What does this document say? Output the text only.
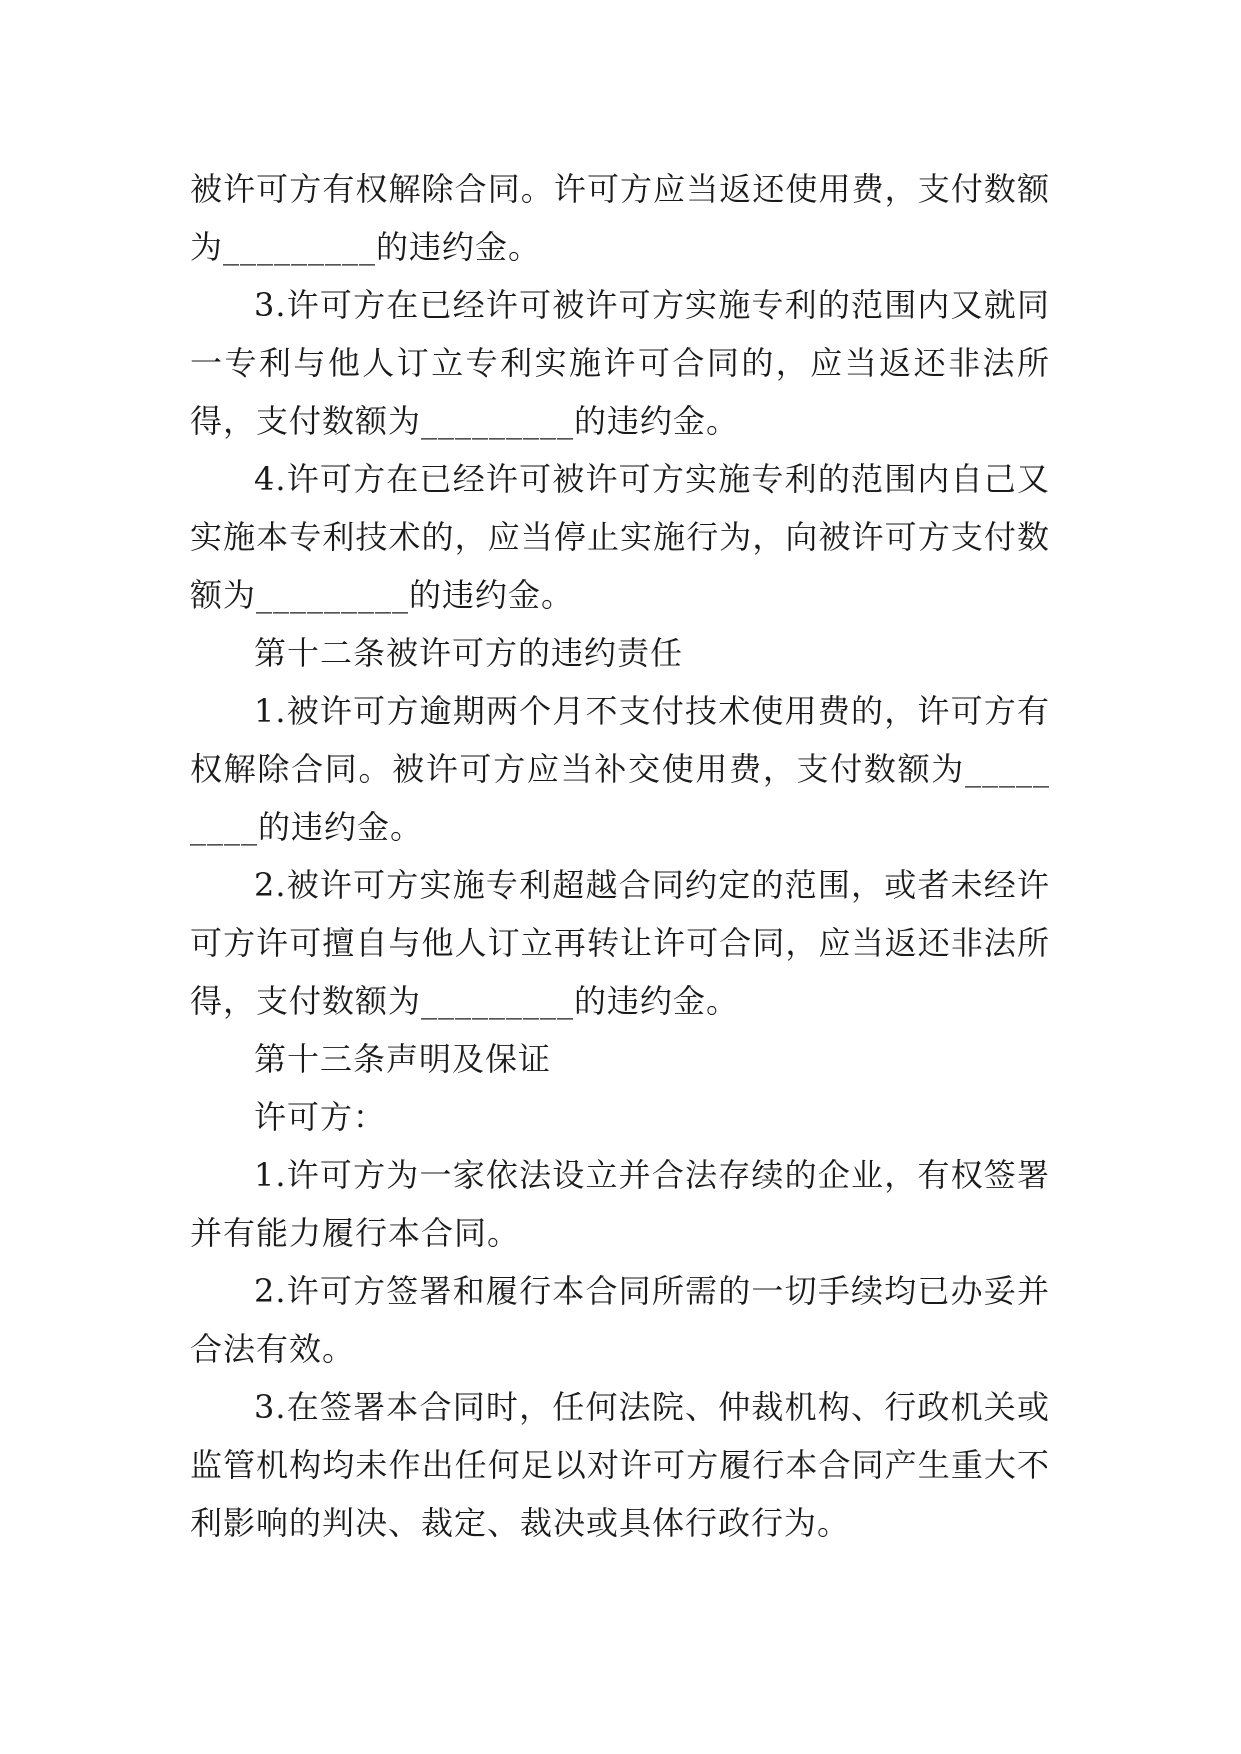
被许可方有权解除合同。许可方应当返还使用费，支付数额为_________的违约金。

3.许可方在已经许可被许可方实施专利的范围内又就同一专利与他人订立专利实施许可合同的，应当返还非法所得，支付数额为_________的违约金。

4.许可方在已经许可被许可方实施专利的范围内自己又实施本专利技术的，应当停止实施行为，向被许可方支付数额为_________的违约金。

第十二条被许可方的违约责任

1.被许可方逾期两个月不支付技术使用费的，许可方有权解除合同。被许可方应当补交使用费，支付数额为_________的违约金。

2.被许可方实施专利超越合同约定的范围，或者未经许可方许可擅自与他人订立再转让许可合同，应当返还非法所得，支付数额为_________的违约金。

第十三条声明及保证

许可方：

1.许可方为一家依法设立并合法存续的企业，有权签署并有能力履行本合同。

2.许可方签署和履行本合同所需的一切手续均已办妥并合法有效。

3.在签署本合同时，任何法院、仲裁机构、行政机关或监管机构均未作出任何足以对许可方履行本合同产生重大不利影响的判决、裁定、裁决或具体行政行为。
